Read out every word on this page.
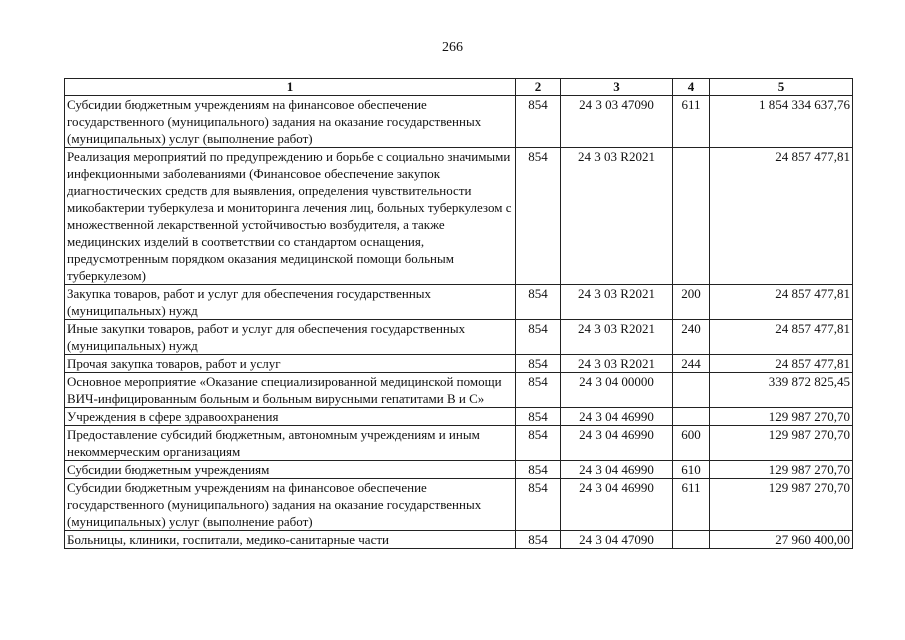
266
1	2	3	4	5
Субсидии бюджетным учреждениям на финансовое обеспечение государственного (муниципального) задания на оказание государственных (муниципальных) услуг (выполнение работ)	854	24 3 03 47090	611	1 854 334 637,76
Реализация мероприятий по предупреждению и борьбе с социально значимыми инфекционными заболеваниями (Финансовое обеспечение закупок диагностических средств для выявления, определения чувствительности микобактерии туберкулеза и мониторинга лечения лиц, больных туберкулезом с множественной лекарственной устойчивостью возбудителя, а также медицинских изделий в соответствии со стандартом оснащения, предусмотренным порядком оказания медицинской помощи больным туберкулезом)	854	24 3 03 R2021		24 857 477,81
Закупка товаров, работ и услуг для обеспечения государственных (муниципальных) нужд	854	24 3 03 R2021	200	24 857 477,81
Иные закупки товаров, работ и услуг для обеспечения государственных (муниципальных) нужд	854	24 3 03 R2021	240	24 857 477,81
Прочая закупка товаров, работ и услуг	854	24 3 03 R2021	244	24 857 477,81
Основное мероприятие «Оказание специализированной медицинской помощи ВИЧ-инфицированным больным и больным вирусными гепатитами В и С»	854	24 3 04 00000		339 872 825,45
Учреждения в сфере здравоохранения	854	24 3 04 46990		129 987 270,70
Предоставление субсидий бюджетным, автономным учреждениям и иным некоммерческим организациям	854	24 3 04 46990	600	129 987 270,70
Субсидии бюджетным учреждениям	854	24 3 04 46990	610	129 987 270,70
Субсидии бюджетным учреждениям на финансовое обеспечение государственного (муниципального) задания на оказание государственных (муниципальных) услуг (выполнение работ)	854	24 3 04 46990	611	129 987 270,70
Больницы, клиники, госпитали, медико-санитарные части	854	24 3 04 47090		27 960 400,00
